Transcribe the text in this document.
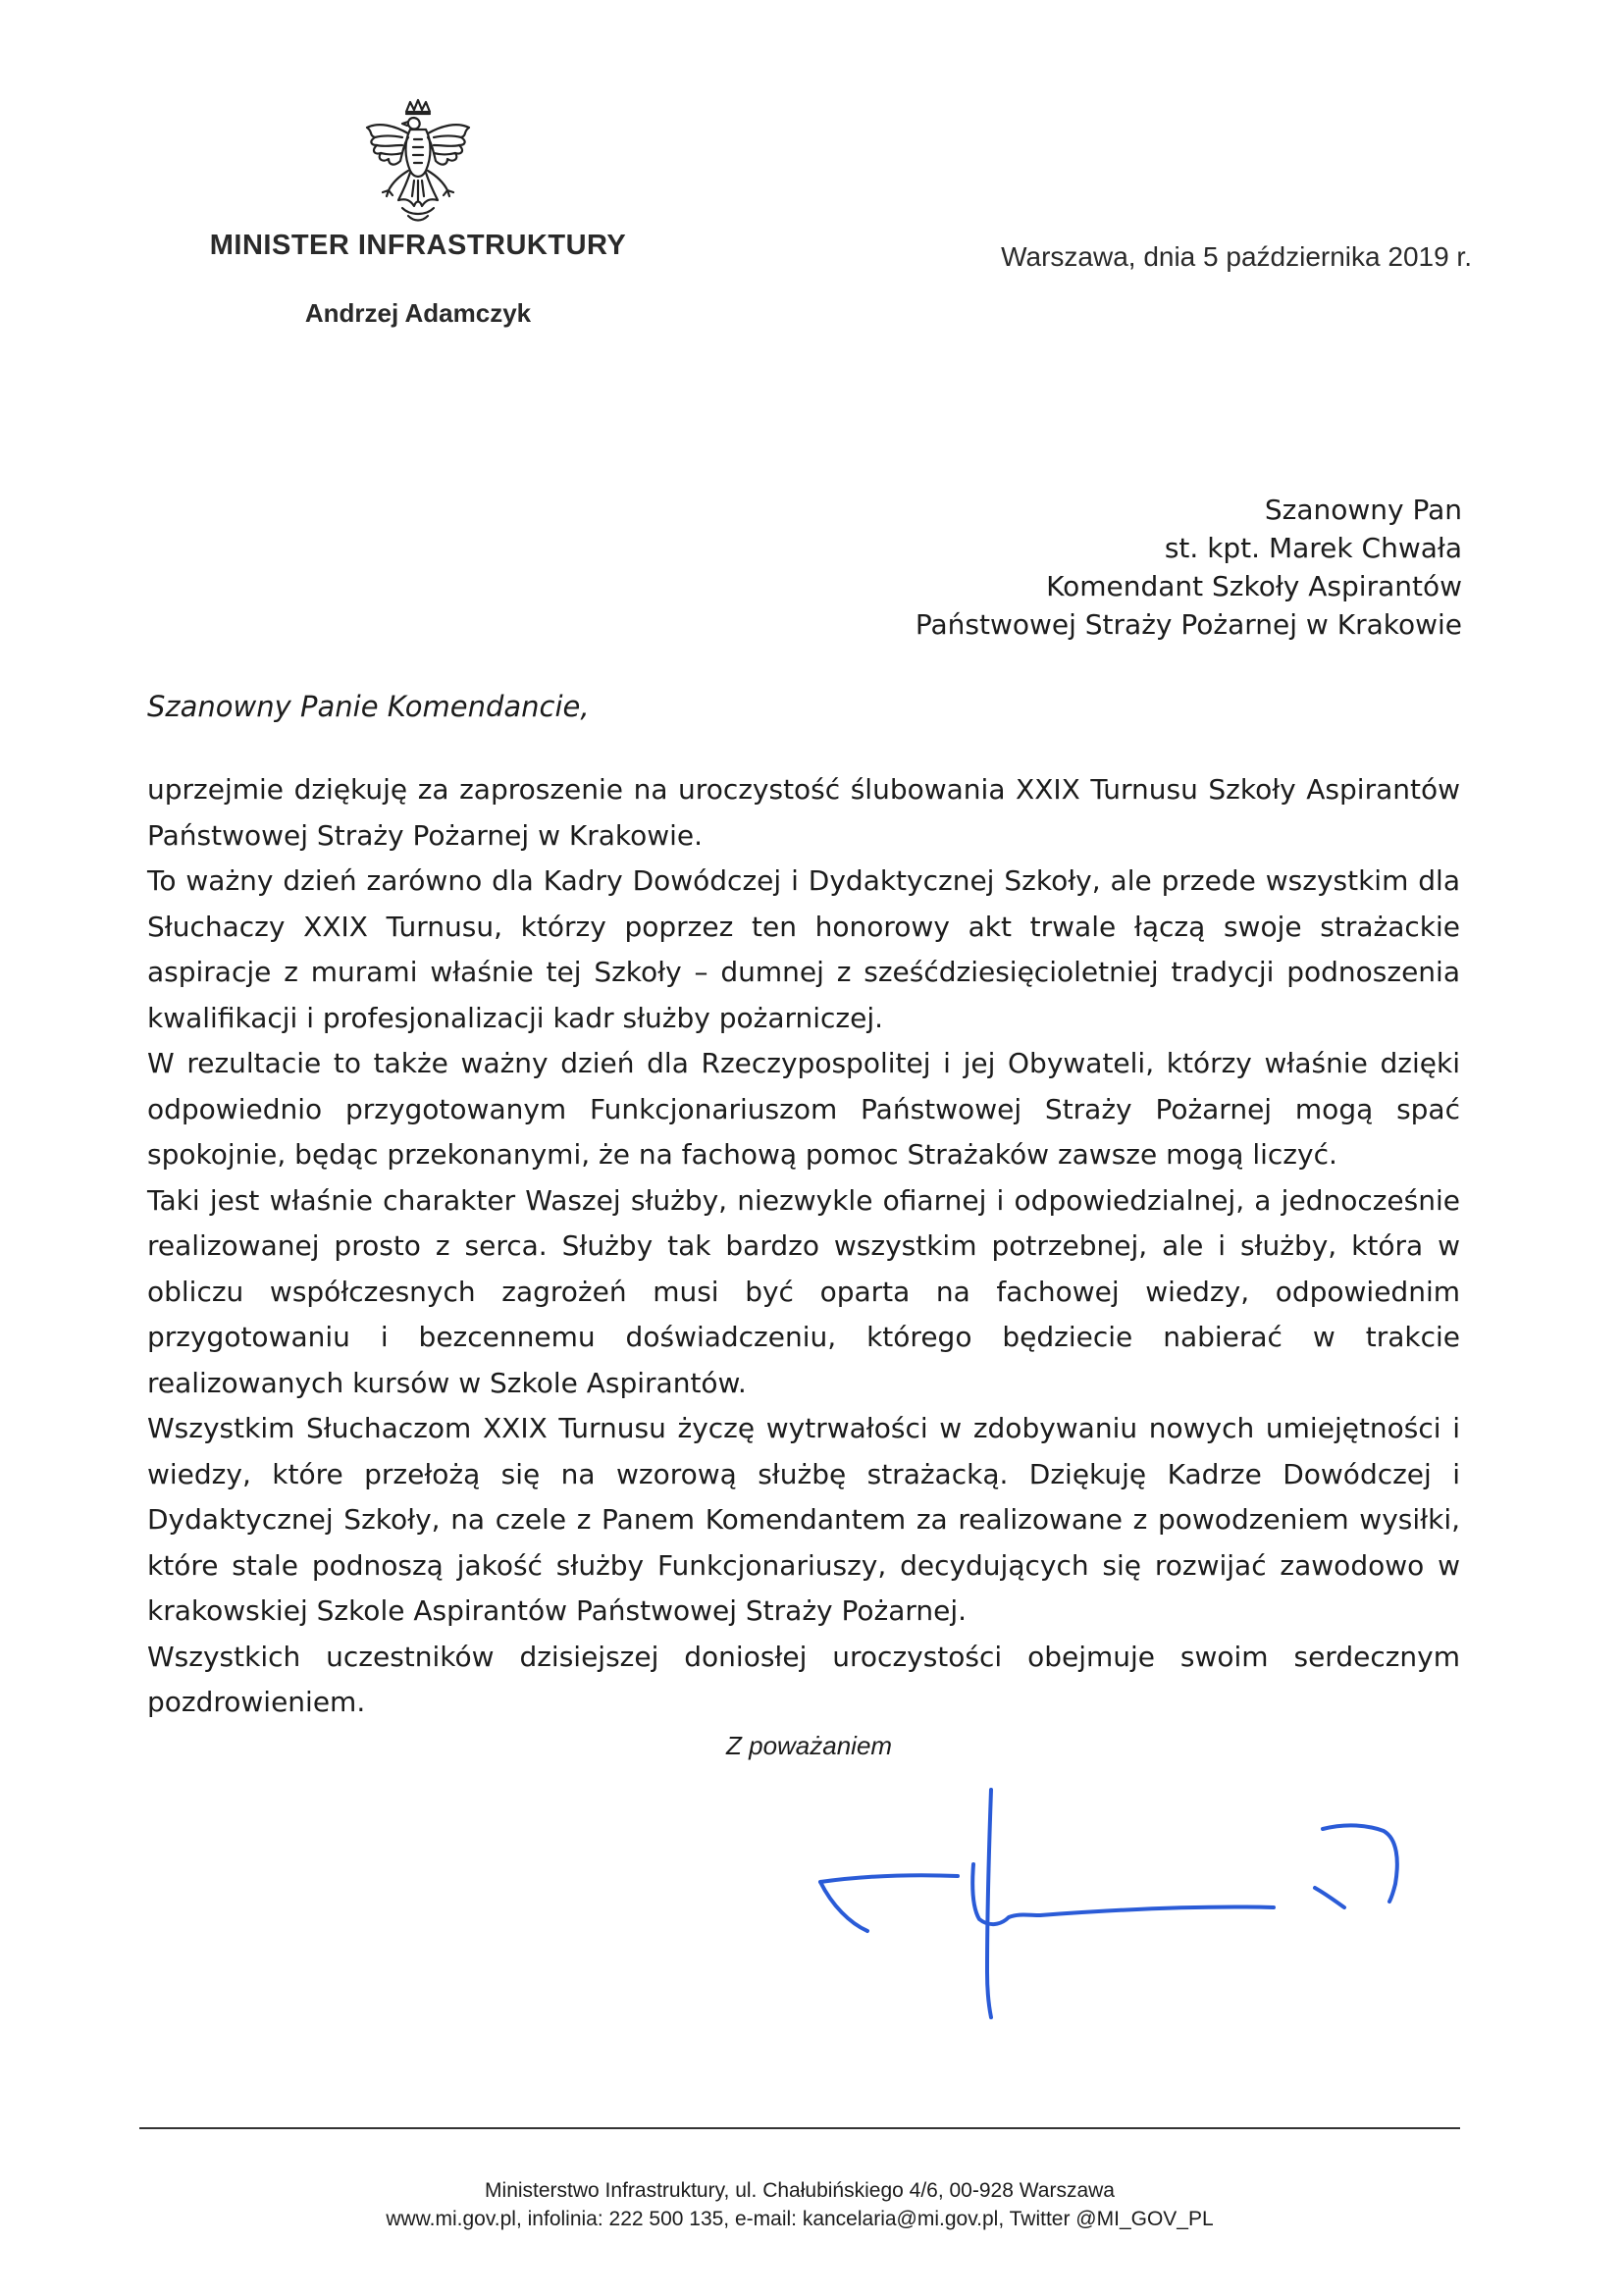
MINISTER INFRASTRUKTURY
Andrzej Adamczyk
Warszawa, dnia 5 października 2019 r.
Szanowny Pan
st. kpt. Marek Chwała
Komendant Szkoły Aspirantów
Państwowej Straży Pożarnej w Krakowie
Szanowny Panie Komendancie,

uprzejmie dziękuję za zaproszenie na uroczystość ślubowania XXIX Turnusu Szkoły Aspirantów Państwowej Straży Pożarnej w Krakowie.

To ważny dzień zarówno dla Kadry Dowódczej i Dydaktycznej Szkoły, ale przede wszystkim dla Słuchaczy XXIX Turnusu, którzy poprzez ten honorowy akt trwale łączą swoje strażackie aspiracje z murami właśnie tej Szkoły – dumnej z sześćdziesięcioletniej tradycji podnoszenia kwalifikacji i profesjonalizacji kadr służby pożarniczej.

W rezultacie to także ważny dzień dla Rzeczypospolitej i jej Obywateli, którzy właśnie dzięki odpowiednio przygotowanym Funkcjonariuszom Państwowej Straży Pożarnej mogą spać spokojnie, będąc przekonanymi, że na fachową pomoc Strażaków zawsze mogą liczyć.

Taki jest właśnie charakter Waszej służby, niezwykle ofiarnej i odpowiedzialnej, a jednocześnie realizowanej prosto z serca. Służby tak bardzo wszystkim potrzebnej, ale i służby, która w obliczu współczesnych zagrożeń musi być oparta na fachowej wiedzy, odpowiednim przygotowaniu i bezcennemu doświadczeniu, którego będziecie nabierać w trakcie realizowanych kursów w Szkole Aspirantów.

Wszystkim Słuchaczom XXIX Turnusu życzę wytrwałości w zdobywaniu nowych umiejętności i wiedzy, które przełożą się na wzorową służbę strażacką. Dziękuję Kadrze Dowódczej i Dydaktycznej Szkoły, na czele z Panem Komendantem za realizowane z powodzeniem wysiłki, które stale podnoszą jakość służby Funkcjonariuszy, decydujących się rozwijać zawodowo w krakowskiej Szkole Aspirantów Państwowej Straży Pożarnej.

Wszystkich uczestników dzisiejszej doniosłej uroczystości obejmuje swoim serdecznym pozdrowieniem.

Z poważaniem
Ministerstwo Infrastruktury, ul. Chałubińskiego 4/6, 00-928 Warszawa
www.mi.gov.pl, infolinia: 222 500 135, e-mail: kancelaria@mi.gov.pl, Twitter @MI_GOV_PL
